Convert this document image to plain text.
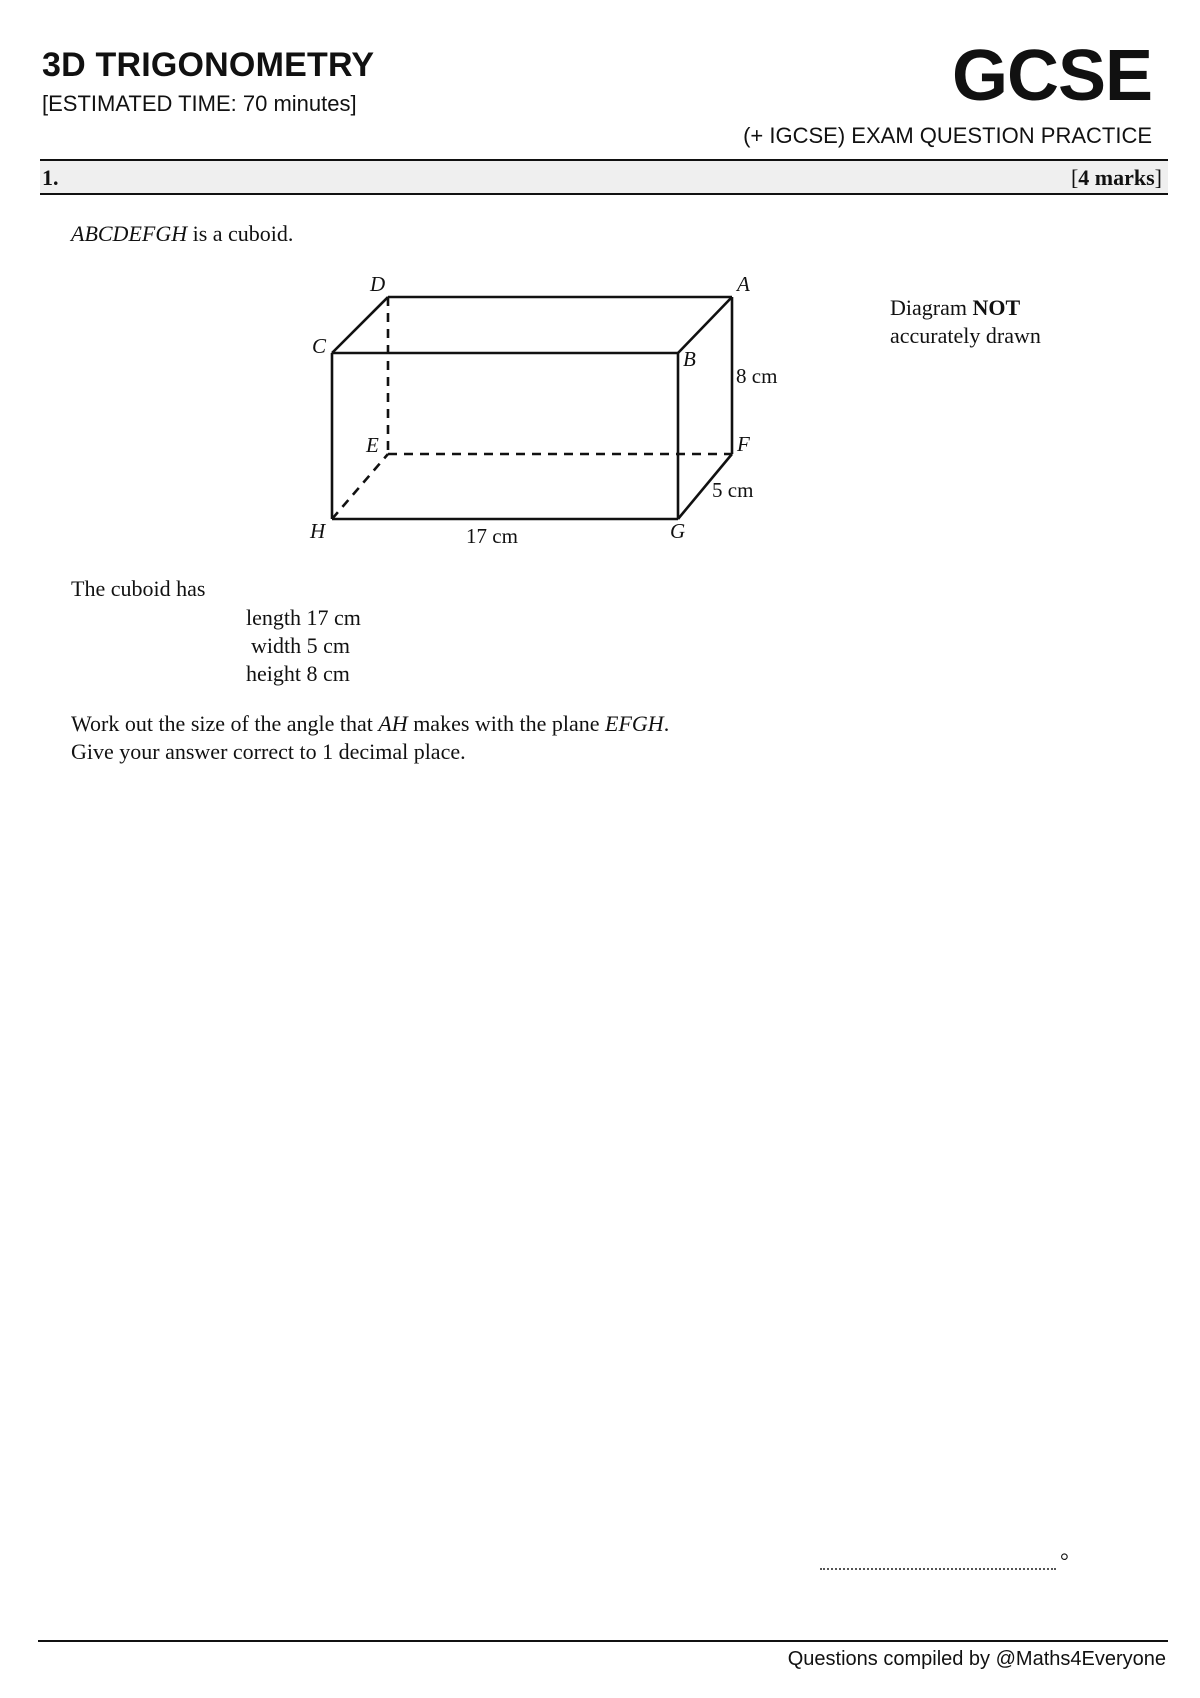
3D TRIGONOMETRY
[ESTIMATED TIME: 70 minutes]	GCSE
(+ IGCSE) EXAM QUESTION PRACTICE
1.	[4 marks]
ABCDEFGH is a cuboid.
D	A
C
B
E	F
H	G
8 cm
5 cm
17 cm
Diagram NOT
accurately drawn
The cuboid has
length 17 cm
width 5 cm
height 8 cm
Work out the size of the angle that AH makes with the plane EFGH.
Give your answer correct to 1 decimal place.
°
Questions compiled by @Maths4Everyone
